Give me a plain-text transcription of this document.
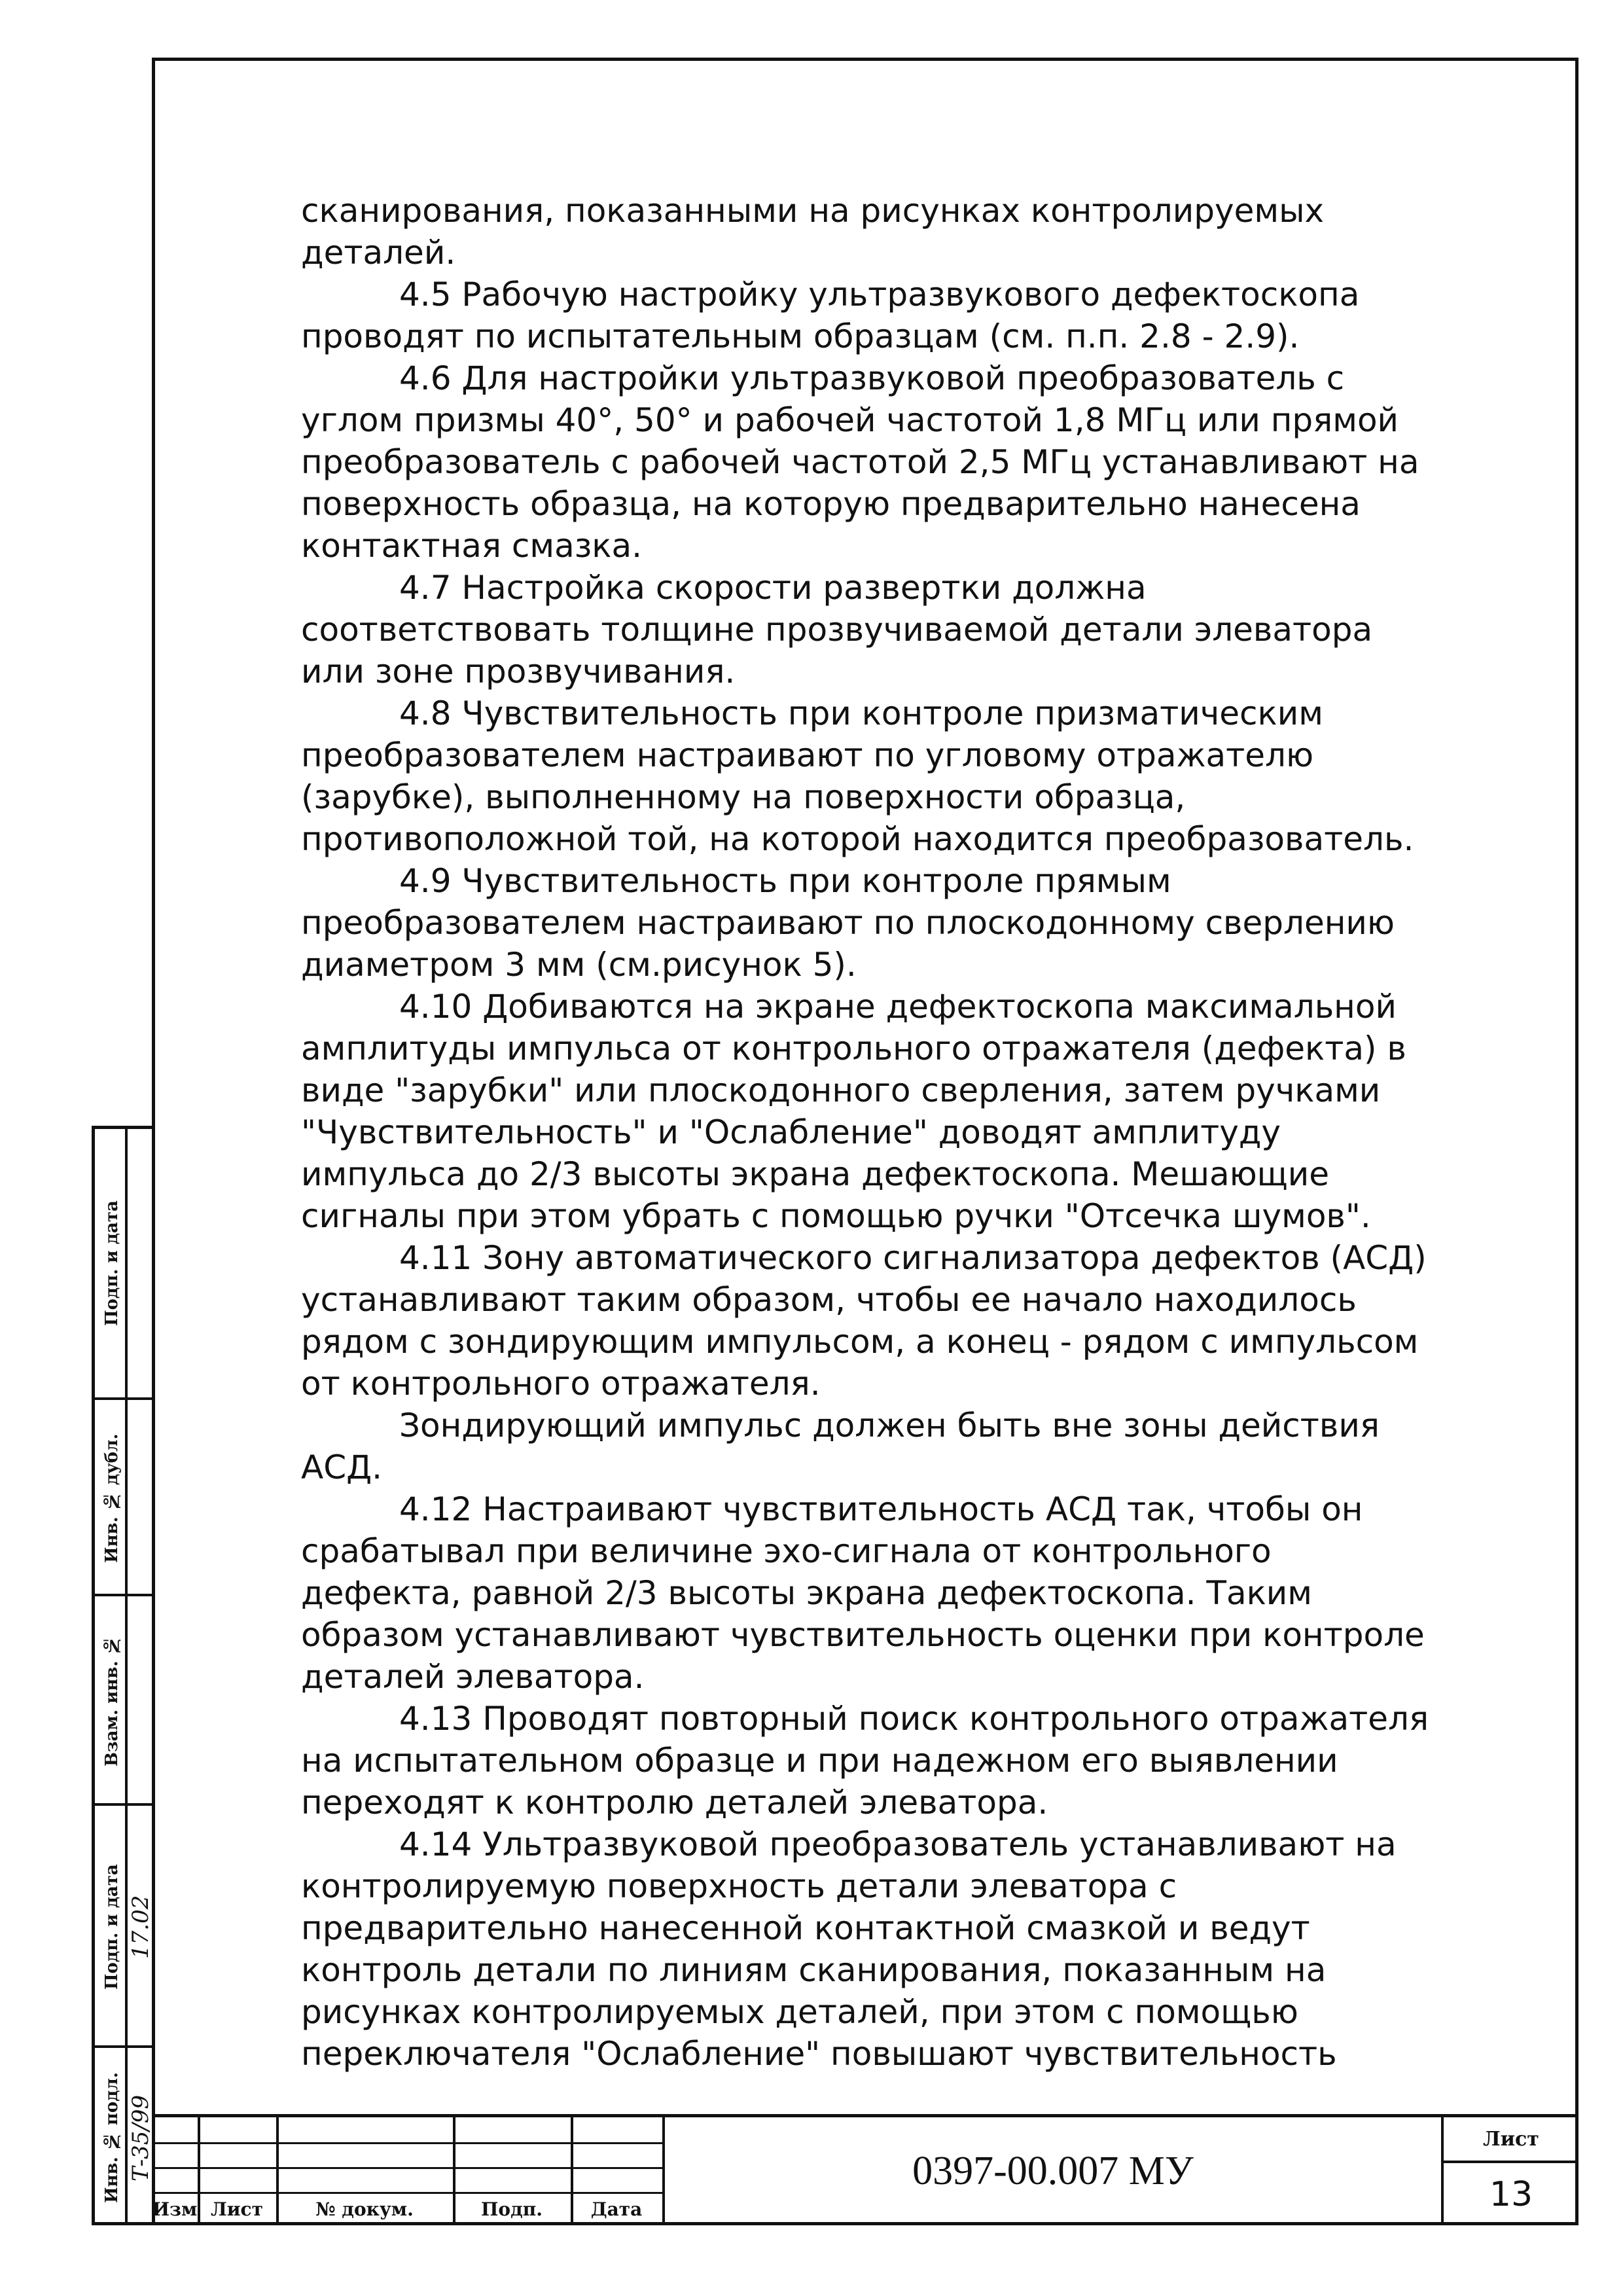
сканирования, показанными на рисунках контролируемых деталей.

4.5 Рабочую настройку ультразвукового дефектоскопа проводят по испытательным образцам (см. п.п. 2.8 - 2.9).

4.6 Для настройки ультразвуковой преобразователь с углом призмы 40°, 50° и рабочей частотой 1,8 МГц или прямой преобразователь с рабочей частотой 2,5 МГц устанавливают на поверхность образца, на которую предварительно нанесена контактная смазка.

4.7 Настройка скорости развертки должна соответствовать толщине прозвучиваемой детали элеватора или зоне прозвучивания.

4.8 Чувствительность при контроле призматическим преобразователем настраивают по угловому отражателю (зарубке), выполненному на поверхности образца, противоположной той, на которой находится преобразователь.

4.9 Чувствительность при контроле прямым преобразователем настраивают по плоскодонному сверлению диаметром 3 мм (см.рисунок 5).

4.10 Добиваются на экране дефектоскопа максимальной амплитуды импульса от контрольного отражателя (дефекта) в виде "зарубки" или плоскодонного сверления, затем ручками "Чувствительность" и "Ослабление" доводят амплитуду импульса до 2/3 высоты экрана дефектоскопа. Мешающие сигналы при этом убрать с помощью ручки "Отсечка шумов".

4.11 Зону автоматического сигнализатора дефектов (АСД) устанавливают таким образом, чтобы ее начало находилось рядом с зондирующим импульсом, а конец - рядом с импульсом от контрольного отражателя.

Зондирующий импульс должен быть вне зоны действия АСД.

4.12 Настраивают чувствительность АСД так, чтобы он срабатывал при величине эхо-сигнала от контрольного дефекта, равной 2/3 высоты экрана дефектоскопа. Таким образом устанавливают чувствительность оценки при контроле деталей элеватора.

4.13 Проводят повторный поиск контрольного отражателя на испытательном образце и при надежном его выявлении переходят к контролю деталей элеватора.

4.14 Ультразвуковой преобразователь устанавливают на контролируемую поверхность детали элеватора с предварительно нанесенной контактной смазкой и ведут контроль детали по линиям сканирования, показанным на рисунках контролируемых деталей, при этом с помощью переключателя "Ослабление" повышают чувствительность

Подп. и дата
Инв. № дубл.
Взам. инв. №
Подп. и дата 17.02
Инв. № подл. Т-35/99
Изм Лист	№ докум.	Подп.	Дата
0397-00.007 МУ
Лист
13
